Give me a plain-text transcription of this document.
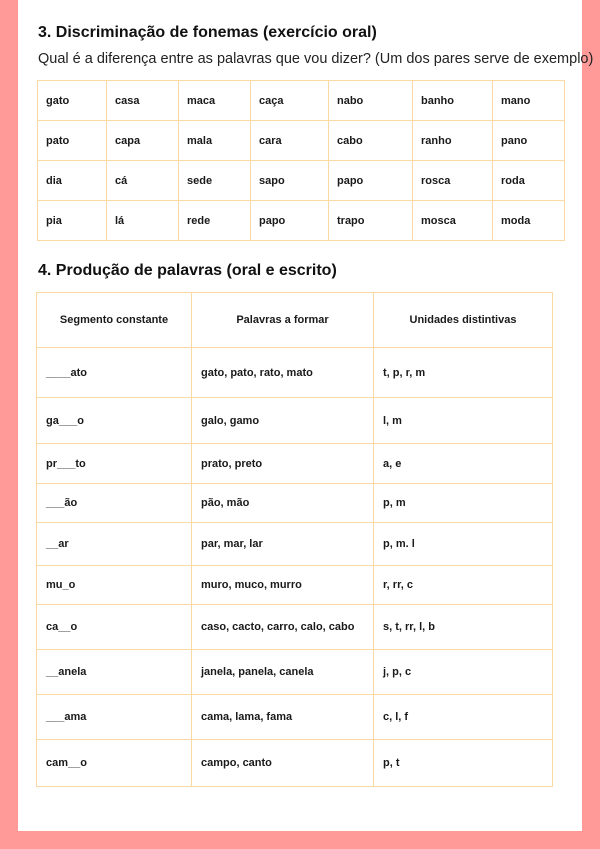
3. Discriminação de fonemas (exercício oral)
Qual é a diferença entre as palavras que vou dizer? (Um dos pares serve de exemplo)
gato	casa	maca	caça	nabo	banho	mano
pato	capa	mala	cara	cabo	ranho	pano
dia	cá	sede	sapo	papo	rosca	roda
pia	lá	rede	papo	trapo	mosca	moda
4. Produção de palavras (oral e escrito)
Segmento constante	Palavras a formar	Unidades distintivas
____ato	gato, pato, rato, mato	t, p, r, m
ga___o	galo, gamo	l, m
pr___to	prato, preto	a, e
___ão	pão, mão	p, m
__ar	par, mar, lar	p, m. l
mu_o	muro, muco, murro	r, rr, c
ca__o	caso, cacto, carro, calo, cabo	s, t, rr, l, b
__anela	janela, panela, canela	j, p, c
___ama	cama, lama, fama	c, l, f
cam__o	campo, canto	p, t
